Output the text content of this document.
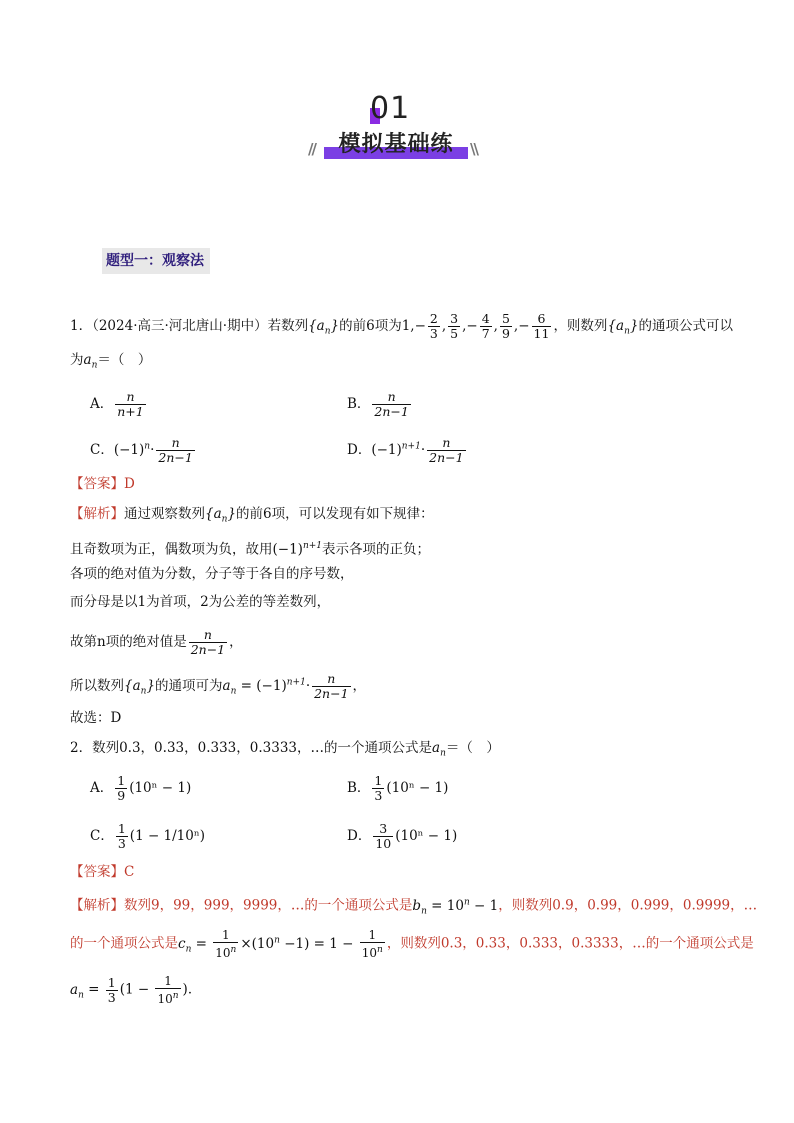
01
//	模拟基础练	\\
题型一：观察法
1．（2024·高三·河北唐山·期中）若数列$\{a_n\}$的前6项为$1,- \frac{2}{3}$ , $\frac{3}{5}$ ,− $\frac{4}{7}$ , $\frac{5}{9}$ ,− $\frac{6}{11}$ ，则数列$\{a_n\}$的通项公式可以
为$a_n=$（　）
A． $\frac{n}{n+1}$	B． $\frac{n}{2n-1}$
C．$(-1)^n\cdot \frac{n}{2n-1}$	D．$(-1)^{n+1}\cdot \frac{n}{2n-1}$
【答案】D
【解析】通过观察数列$\{a_n\}$的前6项，可以发现有如下规律：
且奇数项为正，偶数项为负，故用$(-1)^{n+1}$表示各项的正负；
各项的绝对值为分数，分子等于各自的序号数，
而分母是以1为首项，2为公差的等差数列，
故第n项的绝对值是 $\frac{n}{2n-1}$ ，
所以数列$\{a_n\}$的通项可为$a_n = (-1)^{n+1}\cdot \frac{n}{2n-1}$ ，
故选：D
2．数列0.3，0.33，0.333，0.3333，…的一个通项公式是$a_n=$（　）
A． $\frac{1}{9} (10^n - 1)$	B． $\frac{1}{3} (10^n - 1)$
C． $\frac{1}{3} (1 - 1/10^n)$	D． $\frac{3}{10} (10^n - 1)$
【答案】C
【解析】数列9，99，999，9999，…的一个通项公式是$b_n = 10^n - 1$，则数列0.9，0.99，0.999，0.9999，…
的一个通项公式是$c_n = \frac{1}{10^n} \times(10^n -1) = 1 - \frac{1}{10^n}$ ，则数列0.3，0.33，0.333，0.3333，…的一个通项公式是
$a_n = \frac{1}{3} (1 - \frac{1}{10^n}$ )．
